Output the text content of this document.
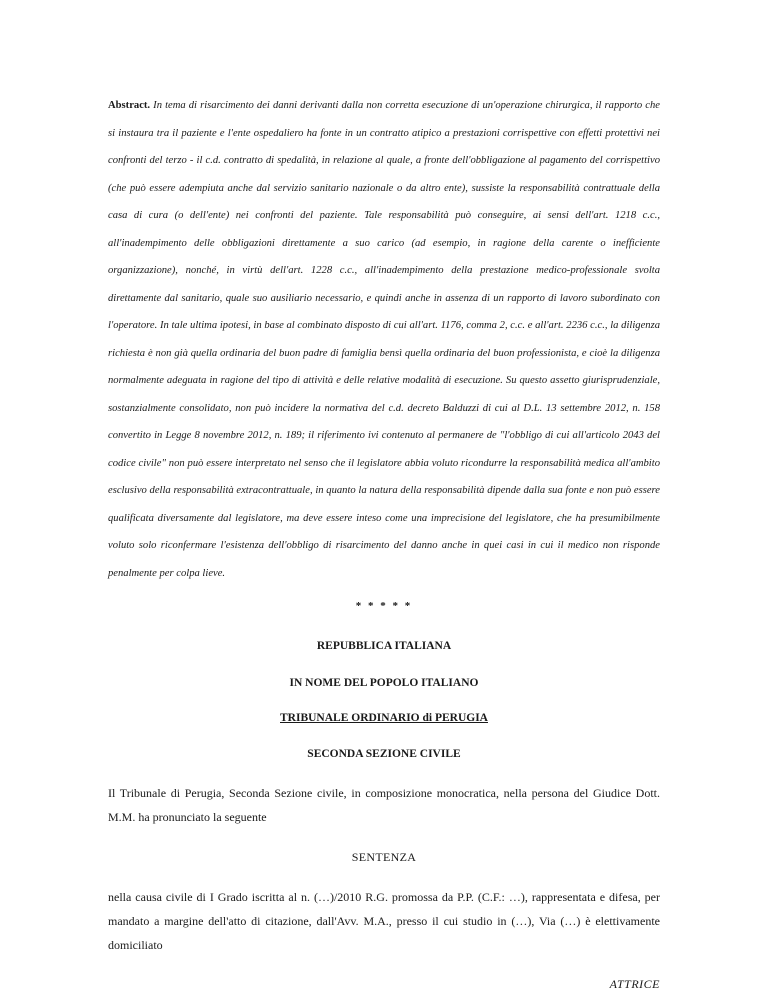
Abstract. In tema di risarcimento dei danni derivanti dalla non corretta esecuzione di un'operazione chirurgica, il rapporto che si instaura tra il paziente e l'ente ospedaliero ha fonte in un contratto atipico a prestazioni corrispettive con effetti protettivi nei confronti del terzo - il c.d. contratto di spedalità, in relazione al quale, a fronte dell'obbligazione al pagamento del corrispettivo (che può essere adempiuta anche dal servizio sanitario nazionale o da altro ente), sussiste la responsabilità contrattuale della casa di cura (o dell'ente) nei confronti del paziente. Tale responsabilità può conseguire, ai sensi dell'art. 1218 c.c., all'inadempimento delle obbligazioni direttamente a suo carico (ad esempio, in ragione della carente o inefficiente organizzazione), nonché, in virtù dell'art. 1228 c.c., all'inadempimento della prestazione medico-professionale svolta direttamente dal sanitario, quale suo ausiliario necessario, e quindi anche in assenza di un rapporto di lavoro subordinato con l'operatore. In tale ultima ipotesi, in base al combinato disposto di cui all'art. 1176, comma 2, c.c. e all'art. 2236 c.c., la diligenza richiesta è non già quella ordinaria del buon padre di famiglia bensì quella ordinaria del buon professionista, e cioè la diligenza normalmente adeguata in ragione del tipo di attività e delle relative modalità di esecuzione. Su questo assetto giurisprudenziale, sostanzialmente consolidato, non può incidere la normativa del c.d. decreto Balduzzi di cui al D.L. 13 settembre 2012, n. 158 convertito in Legge 8 novembre 2012, n. 189; il riferimento ivi contenuto al permanere de "l'obbligo di cui all'articolo 2043 del codice civile" non può essere interpretato nel senso che il legislatore abbia voluto ricondurre la responsabilità medica all'ambito esclusivo della responsabilità extracontrattuale, in quanto la natura della responsabilità dipende dalla sua fonte e non può essere qualificata diversamente dal legislatore, ma deve essere inteso come una imprecisione del legislatore, che ha presumibilmente voluto solo riconfermare l'esistenza dell'obbligo di risarcimento del danno anche in quei casi in cui il medico non risponde penalmente per colpa lieve.

* * * * *

REPUBBLICA ITALIANA

IN NOME DEL POPOLO ITALIANO

TRIBUNALE ORDINARIO di PERUGIA

SECONDA SEZIONE CIVILE

Il Tribunale di Perugia, Seconda Sezione civile, in composizione monocratica, nella persona del Giudice Dott. M.M. ha pronunciato la seguente

SENTENZA

nella causa civile di I Grado iscritta al n. (…)/2010 R.G. promossa da P.P. (C.F.: …), rappresentata e difesa, per mandato a margine dell'atto di citazione, dall'Avv. M.A., presso il cui studio in (…), Via (…) è elettivamente domiciliato

ATTRICE
